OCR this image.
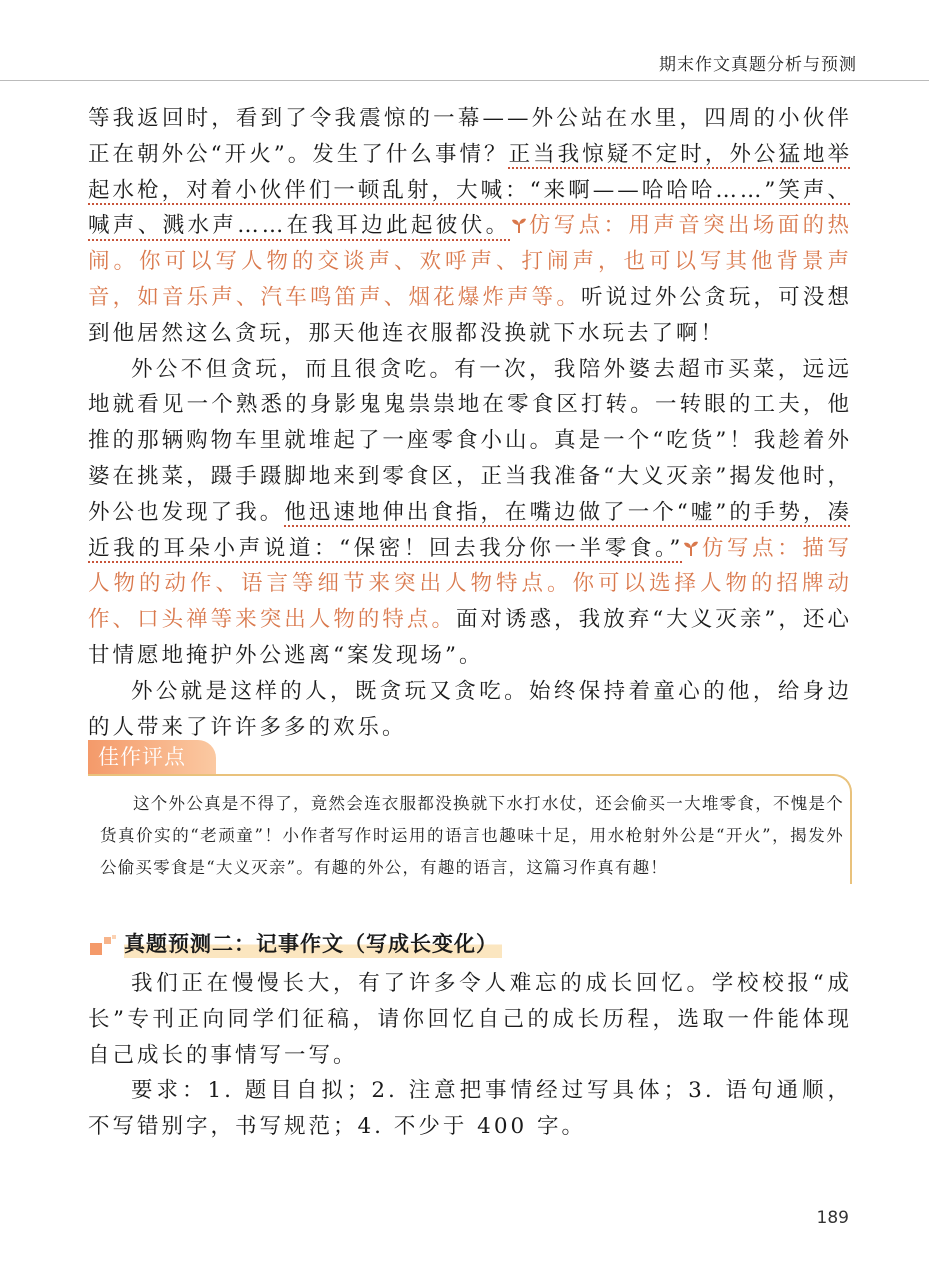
期末作文真题分析与预测

等我返回时，看到了令我震惊的一幕——外公站在水里，四周的小伙伴正在朝外公“开火”。发生了什么事情？正当我惊疑不定时，外公猛地举起水枪，对着小伙伴们一顿乱射，大喊：“来啊——哈哈哈……”笑声、喊声、溅水声……在我耳边此起彼伏。 仿写点：用声音突出场面的热闹。你可以写人物的交谈声、欢呼声、打闹声，也可以写其他背景声音，如音乐声、汽车鸣笛声、烟花爆炸声等。听说过外公贪玩，可没想到他居然这么贪玩，那天他连衣服都没换就下水玩去了啊！

外公不但贪玩，而且很贪吃。有一次，我陪外婆去超市买菜，远远地就看见一个熟悉的身影鬼鬼祟祟地在零食区打转。一转眼的工夫，他推的那辆购物车里就堆起了一座零食小山。真是一个“吃货”！我趁着外婆在挑菜，蹑手蹑脚地来到零食区，正当我准备“大义灭亲”揭发他时，外公也发现了我。他迅速地伸出食指，在嘴边做了一个“嘘”的手势，凑近我的耳朵小声说道：“保密！回去我分你一半零食。” 仿写点：描写人物的动作、语言等细节来突出人物特点。你可以选择人物的招牌动作、口头禅等来突出人物的特点。面对诱惑，我放弃“大义灭亲”，还心甘情愿地掩护外公逃离“案发现场”。

外公就是这样的人，既贪玩又贪吃。始终保持着童心的他，给身边的人带来了许许多多的欢乐。

佳作评点
这个外公真是不得了，竟然会连衣服都没换就下水打水仗，还会偷买一大堆零食，不愧是个货真价实的“老顽童”！小作者写作时运用的语言也趣味十足，用水枪射外公是“开火”，揭发外公偷买零食是“大义灭亲”。有趣的外公，有趣的语言，这篇习作真有趣！
真题预测二：记事作文（写成长变化）

我们正在慢慢长大，有了许多令人难忘的成长回忆。学校校报“成长”专刊正向同学们征稿，请你回忆自己的成长历程，选取一件能体现自己成长的事情写一写。

要求：1. 题目自拟；2. 注意把事情经过写具体；3. 语句通顺，不写错别字，书写规范；4. 不少于 400 字。

189
